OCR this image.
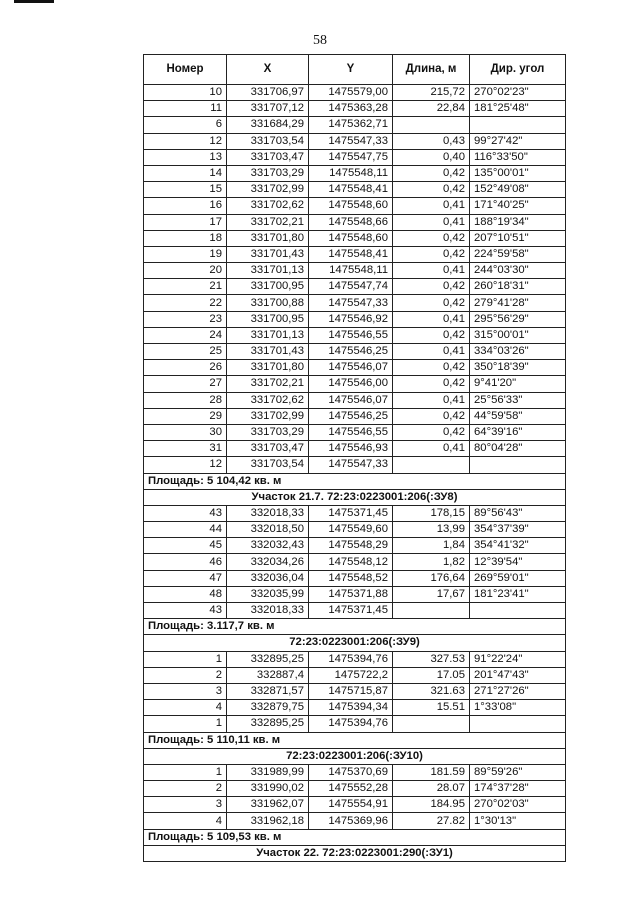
58
Номер	X	Y	Длина, м	Дир. угол
10	331706,97	1475579,00	215,72	270°02'23"
11	331707,12	1475363,28	22,84	181°25'48"
6	331684,29	1475362,71		
12	331703,54	1475547,33	0,43	99°27'42"
13	331703,47	1475547,75	0,40	116°33'50"
14	331703,29	1475548,11	0,42	135°00'01"
15	331702,99	1475548,41	0,42	152°49'08"
16	331702,62	1475548,60	0,41	171°40'25"
17	331702,21	1475548,66	0,41	188°19'34"
18	331701,80	1475548,60	0,42	207°10'51"
19	331701,43	1475548,41	0,42	224°59'58"
20	331701,13	1475548,11	0,41	244°03'30"
21	331700,95	1475547,74	0,42	260°18'31"
22	331700,88	1475547,33	0,42	279°41'28"
23	331700,95	1475546,92	0,41	295°56'29"
24	331701,13	1475546,55	0,42	315°00'01"
25	331701,43	1475546,25	0,41	334°03'26"
26	331701,80	1475546,07	0,42	350°18'39"
27	331702,21	1475546,00	0,42	9°41'20"
28	331702,62	1475546,07	0,41	25°56'33"
29	331702,99	1475546,25	0,42	44°59'58"
30	331703,29	1475546,55	0,42	64°39'16"
31	331703,47	1475546,93	0,41	80°04'28"
12	331703,54	1475547,33		
Площадь: 5 104,42 кв. м				
Участок 21.7. 72:23:0223001:206(:ЗУ8)				
43	332018,33	1475371,45	178,15	89°56'43"
44	332018,50	1475549,60	13,99	354°37'39"
45	332032,43	1475548,29	1,84	354°41'32"
46	332034,26	1475548,12	1,82	12°39'54"
47	332036,04	1475548,52	176,64	269°59'01"
48	332035,99	1475371,88	17,67	181°23'41"
43	332018,33	1475371,45		
Площадь: 3.117,7 кв. м				
72:23:0223001:206(:ЗУ9)				
1	332895,25	1475394,76	327.53	91°22'24"
2	332887,4	1475722,2	17.05	201°47'43"
3	332871,57	1475715,87	321.63	271°27'26"
4	332879,75	1475394,34	15.51	1°33'08"
1	332895,25	1475394,76		
Площадь: 5 110,11 кв. м				
72:23:0223001:206(:ЗУ10)				
1	331989,99	1475370,69	181.59	89°59'26"
2	331990,02	1475552,28	28.07	174°37'28"
3	331962,07	1475554,91	184.95	270°02'03"
4	331962,18	1475369,96	27.82	1°30'13"
Площадь: 5 109,53 кв. м				
Участок 22. 72:23:0223001:290(:ЗУ1)				
